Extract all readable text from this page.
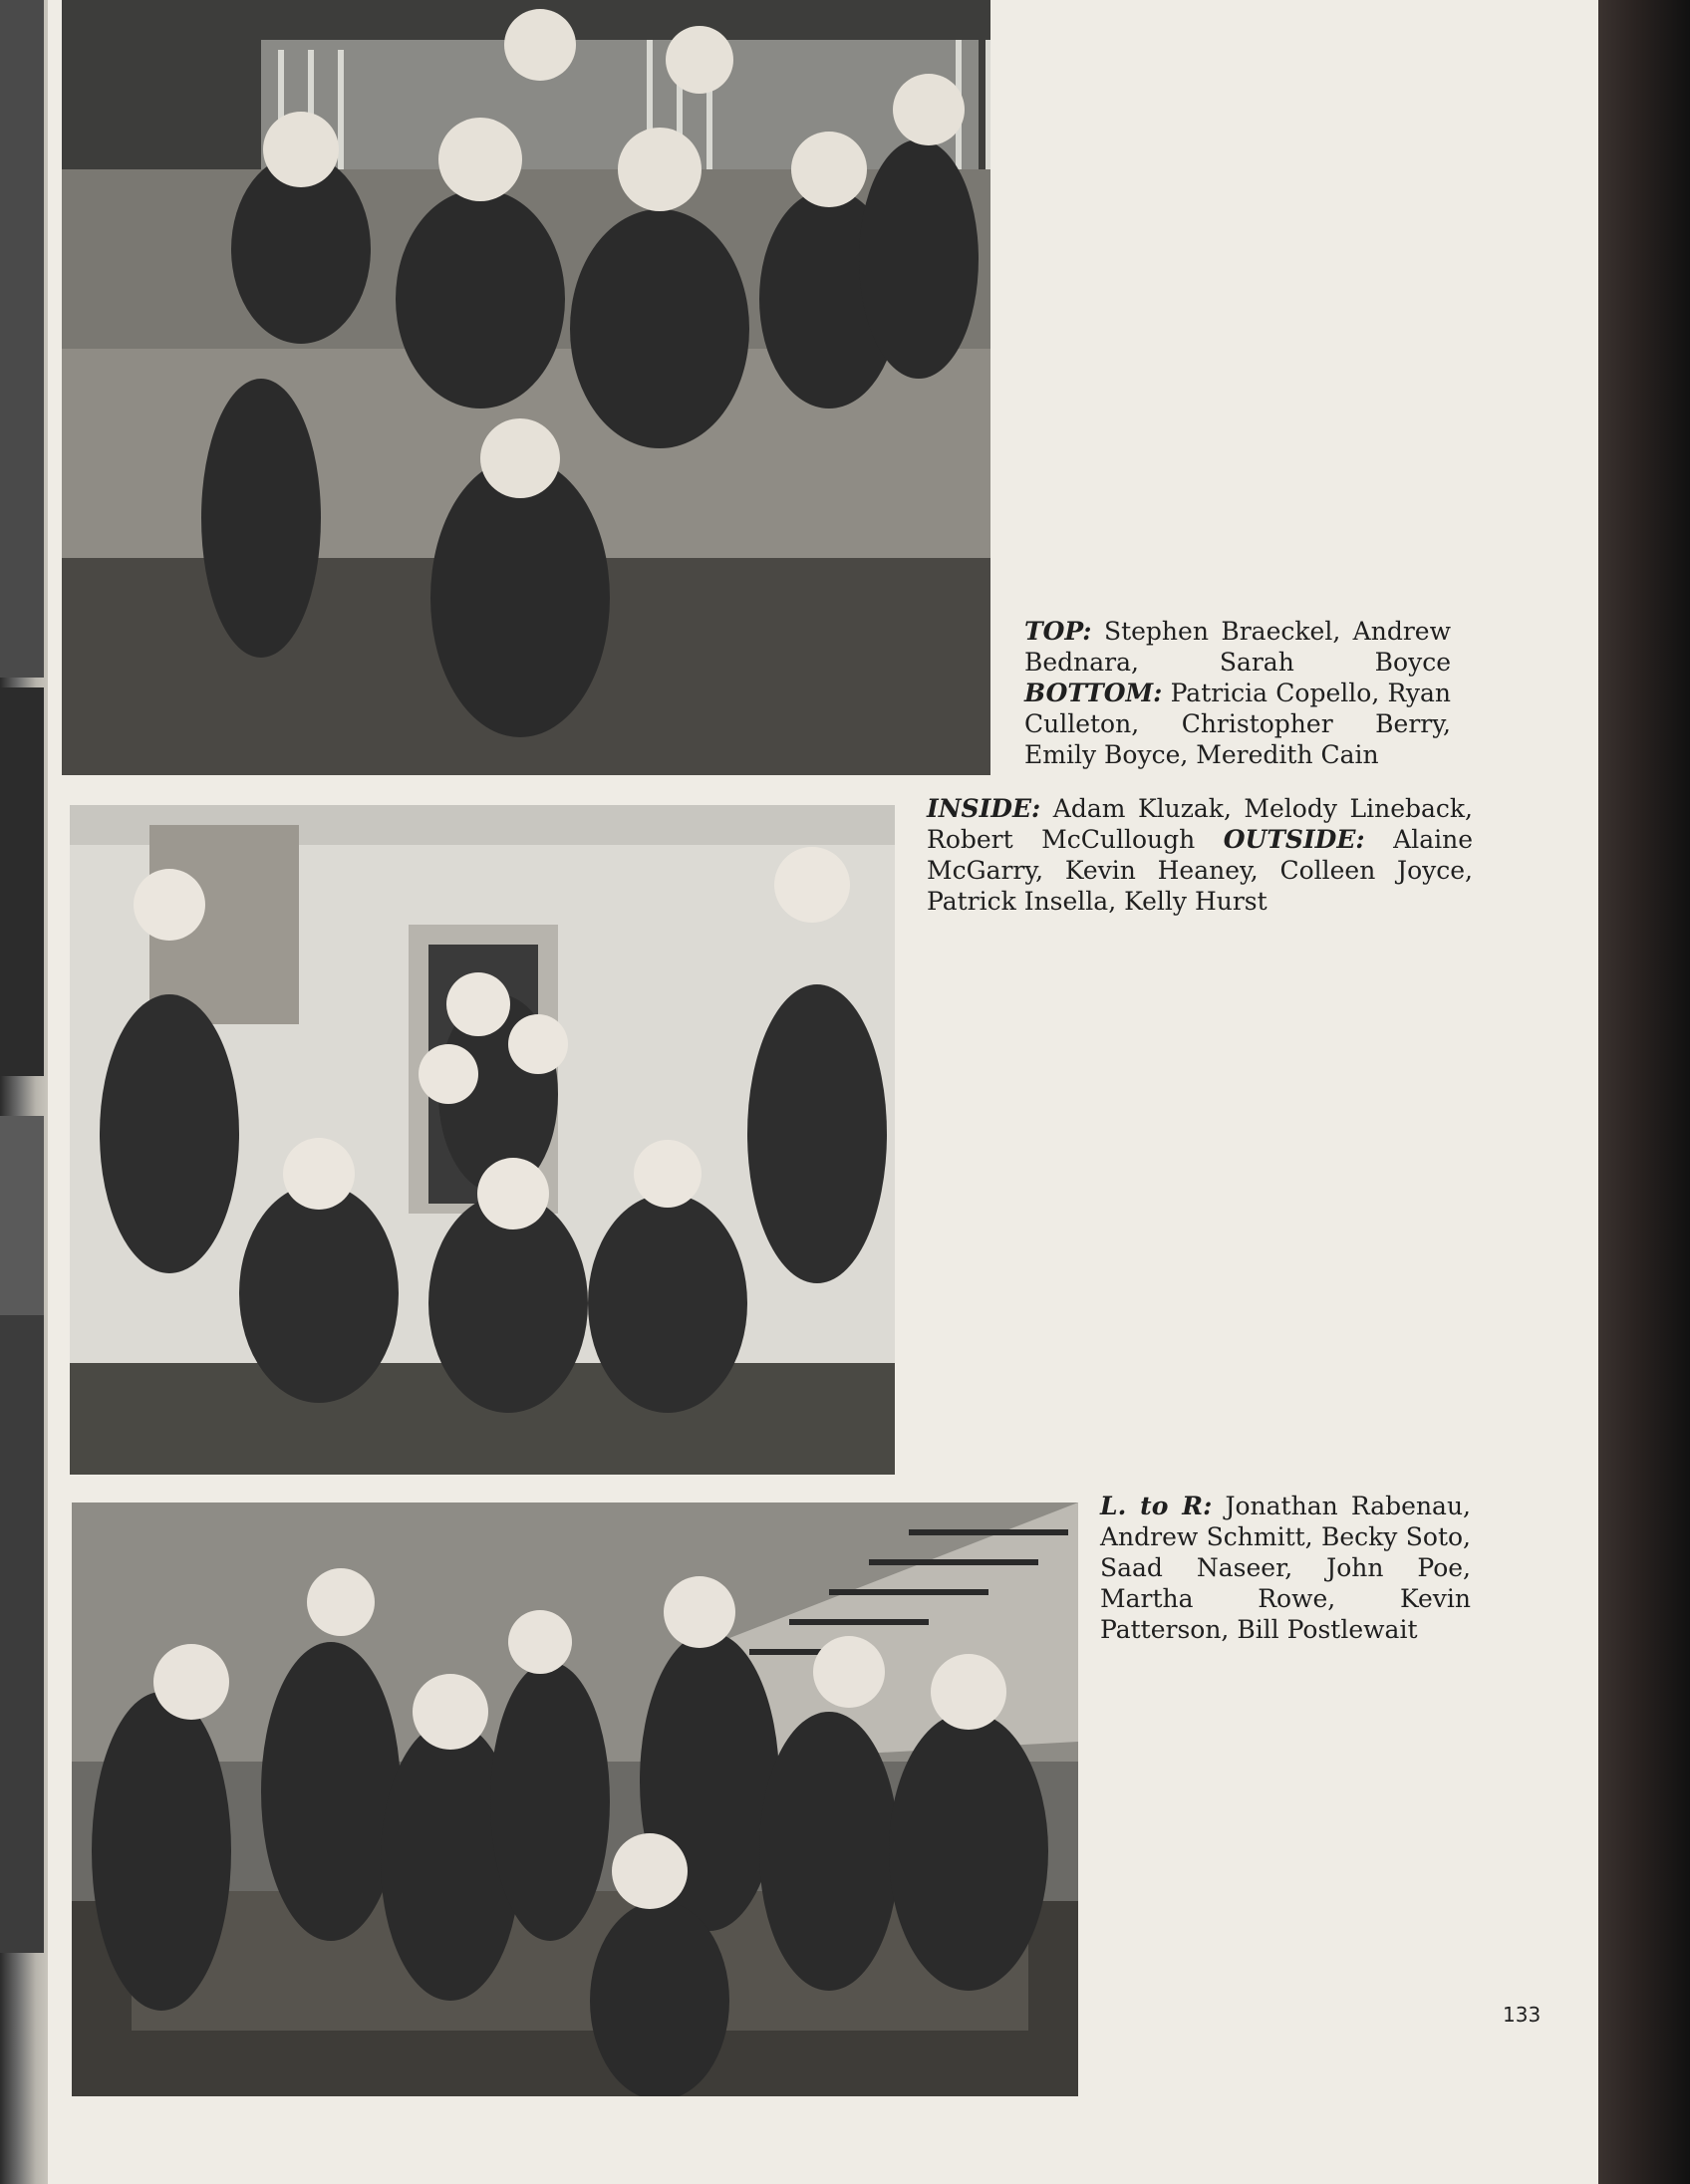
TOP: Stephen Braeckel, Andrew Bednara, Sarah Boyce BOTTOM: Patricia Copello, Ryan Culleton, Christopher Berry, Emily Boyce, Meredith Cain
INSIDE: Adam Kluzak, Melody Lineback, Robert McCullough OUTSIDE: Alaine McGarry, Kevin Heaney, Colleen Joyce, Patrick Insella, Kelly Hurst
L. to R: Jonathan Rabenau, Andrew Schmitt, Becky Soto, Saad Naseer, John Poe, Martha Rowe, Kevin Patterson, Bill Postlewait
133
